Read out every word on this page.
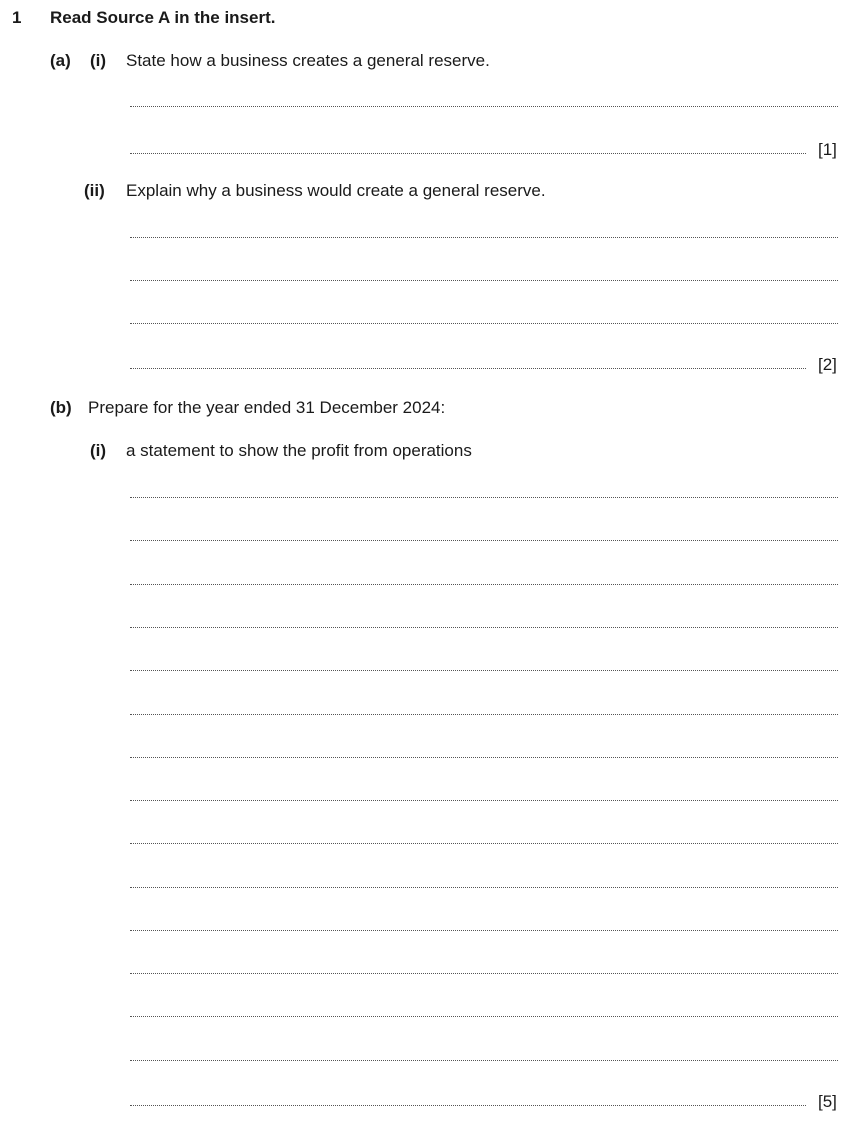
1 Read Source A in the insert.
(a) (i) State how a business creates a general reserve.
[1]
(ii) Explain why a business would create a general reserve.
[2]
(b) Prepare for the year ended 31 December 2024:
(i) a statement to show the profit from operations
[5]
